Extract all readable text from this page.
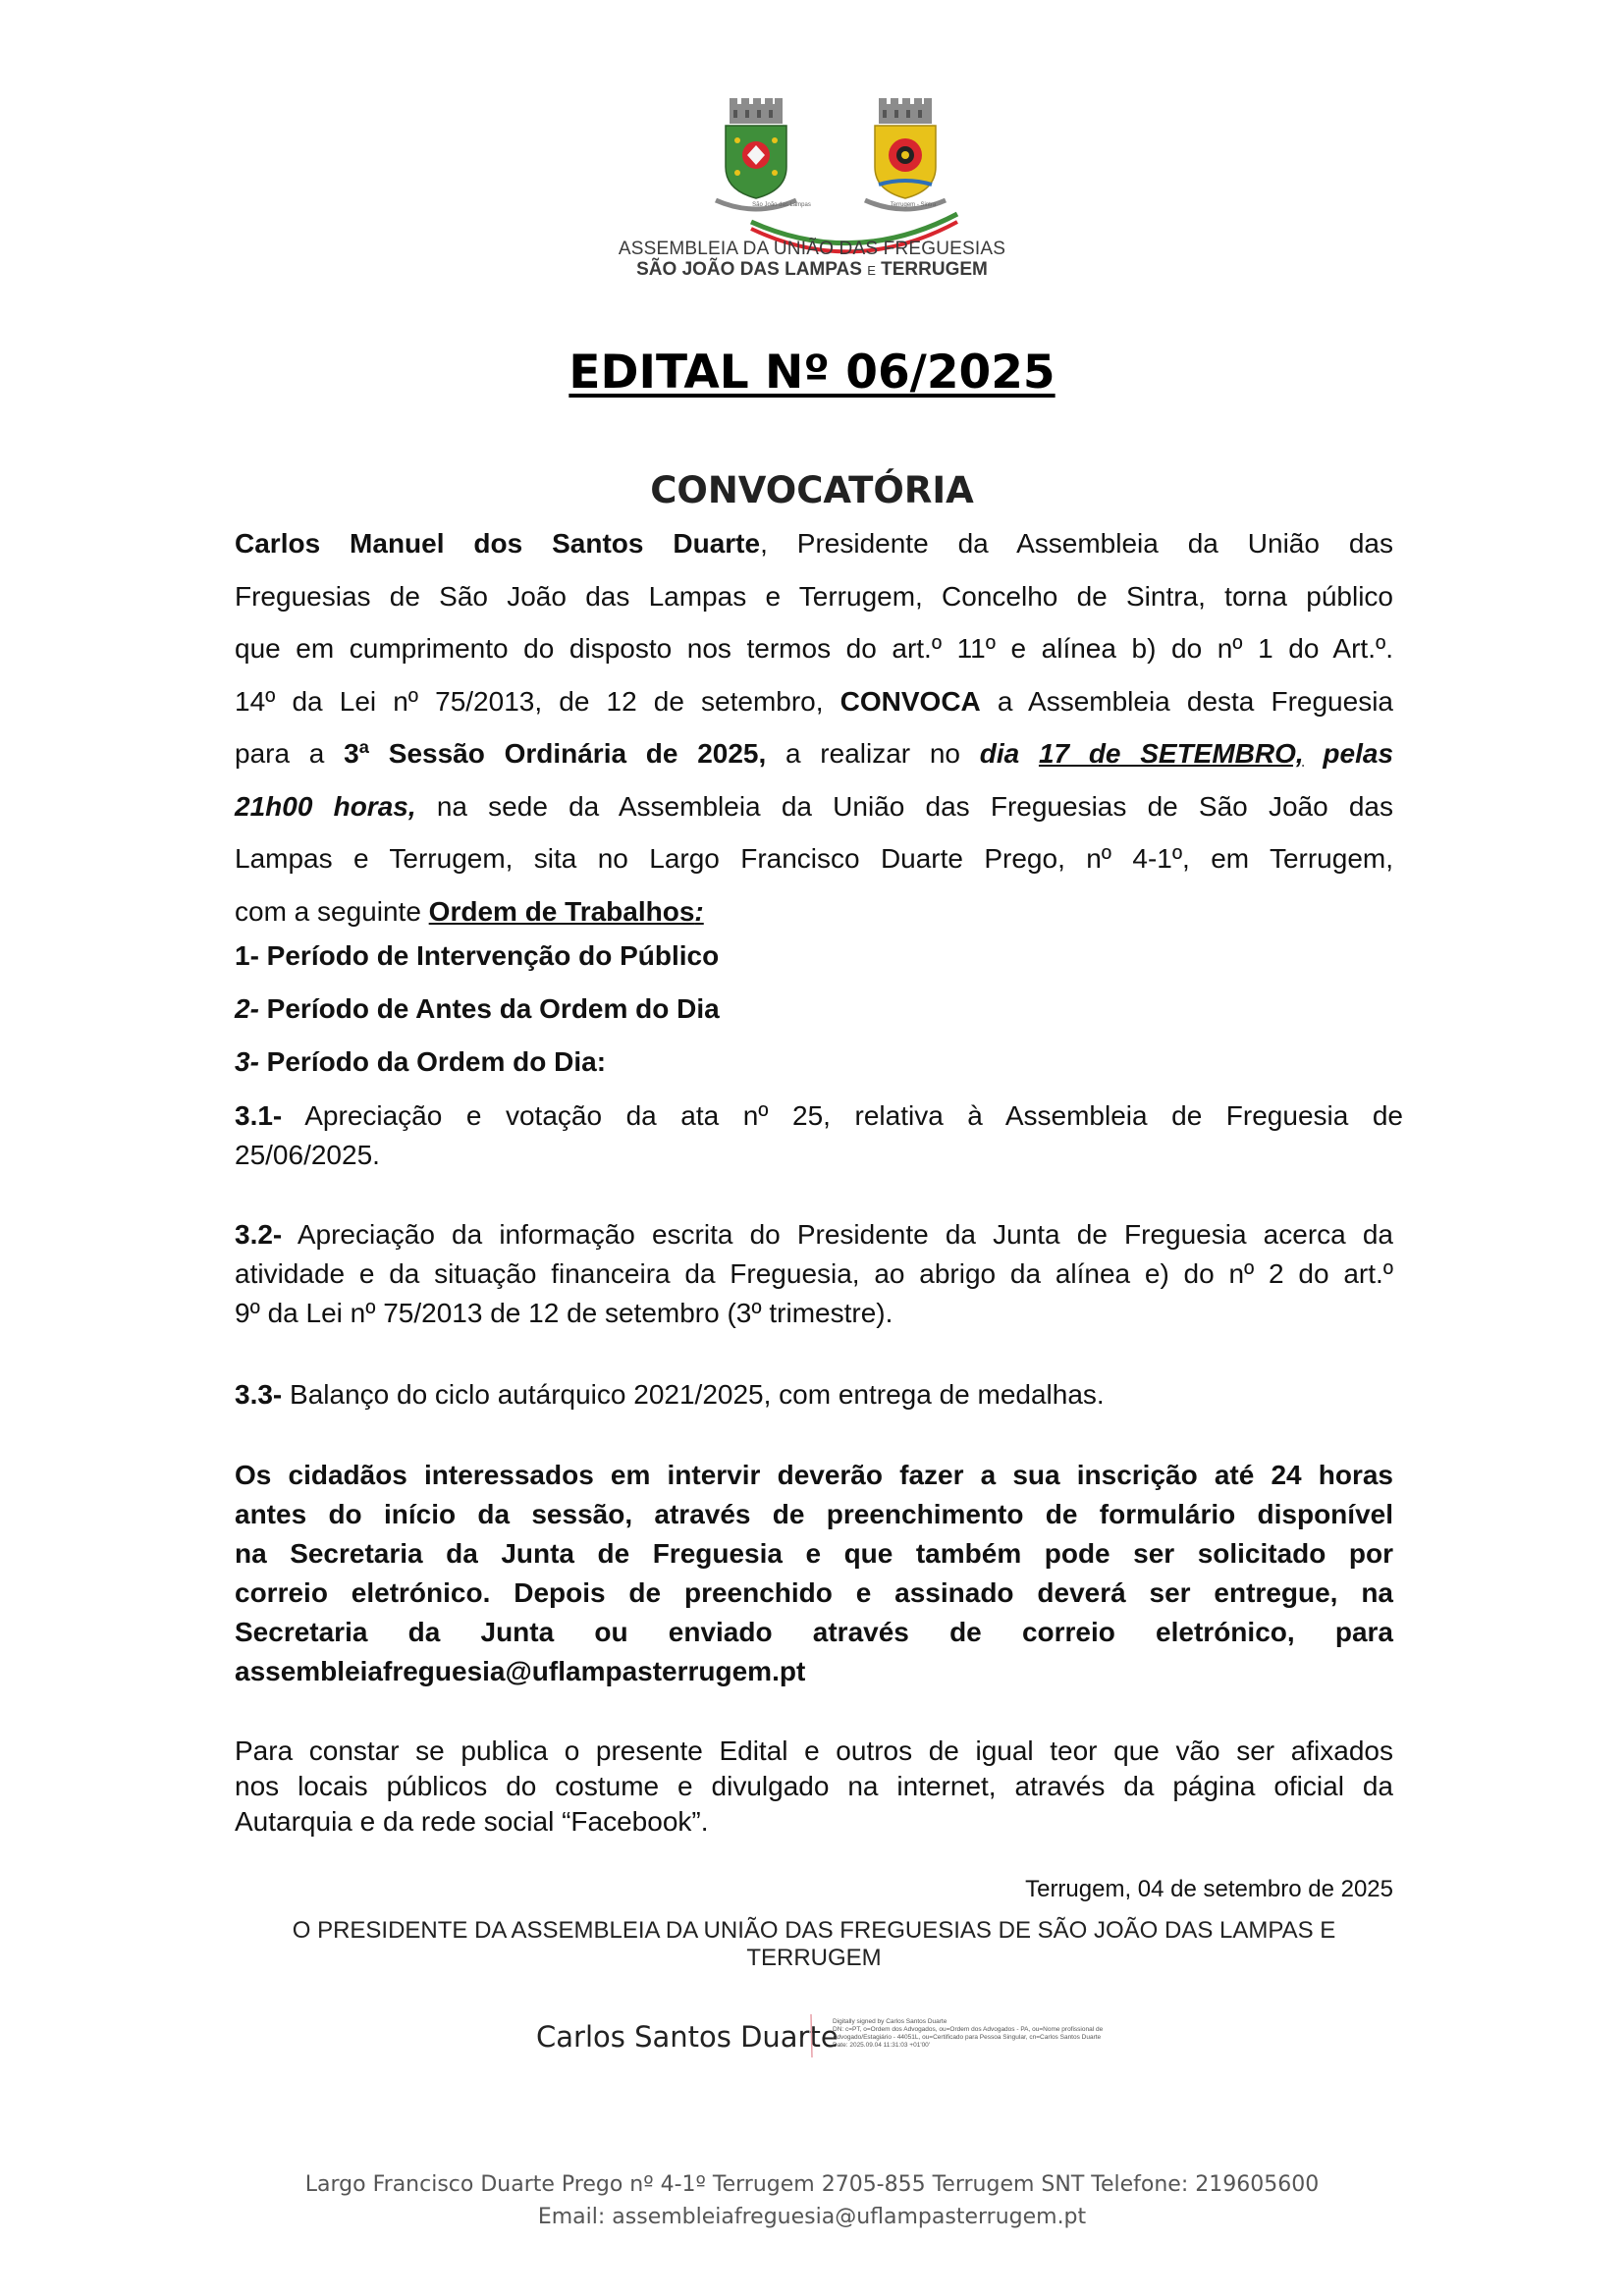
São João das Lampas	Terrugem - Sintra
ASSEMBLEIA DA UNIÃO DAS FREGUESIAS
SÃO JOÃO DAS LAMPAS E TERRUGEM
EDITAL Nº 06/2025
CONVOCATÓRIA
Carlos Manuel dos Santos Duarte, Presidente da Assembleia da União das
Freguesias de São João das Lampas e Terrugem, Concelho de Sintra, torna público
que em cumprimento do disposto nos termos do art.º 11º e alínea b) do nº 1 do Art.º.
14º da Lei nº 75/2013, de 12 de setembro, CONVOCA a Assembleia desta Freguesia
para a 3ª Sessão Ordinária de 2025, a realizar no dia 17 de SETEMBRO, pelas
21h00 horas, na sede da Assembleia da União das Freguesias de São João das
Lampas e Terrugem, sita no Largo Francisco Duarte Prego, nº 4-1º, em Terrugem,
com a seguinte Ordem de Trabalhos:
1- Período de Intervenção do Público
2- Período de Antes da Ordem do Dia
3- Período da Ordem do Dia:
3.1- Apreciação e votação da ata nº 25, relativa à Assembleia de Freguesia de
25/06/2025.
3.2- Apreciação da informação escrita do Presidente da Junta de Freguesia acerca da
atividade e da situação financeira da Freguesia, ao abrigo da alínea e) do nº 2 do art.º
9º da Lei nº 75/2013 de 12 de setembro (3º trimestre).
3.3- Balanço do ciclo autárquico 2021/2025, com entrega de medalhas.
Os cidadãos interessados em intervir deverão fazer a sua inscrição até 24 horas
antes do início da sessão, através de preenchimento de formulário disponível
na Secretaria da Junta de Freguesia e que também pode ser solicitado por
correio eletrónico. Depois de preenchido e assinado deverá ser entregue, na
Secretaria da Junta ou enviado através de correio eletrónico, para
assembleiafreguesia@uflampasterrugem.pt
Para constar se publica o presente Edital e outros de igual teor que vão ser afixados
nos locais públicos do costume e divulgado na internet, através da página oficial da
Autarquia e da rede social “Facebook”.
Terrugem, 04 de setembro de 2025
O PRESIDENTE DA ASSEMBLEIA DA UNIÃO DAS FREGUESIAS DE SÃO JOÃO DAS LAMPAS E
TERRUGEM
Carlos Santos Duarte
Digitally signed by Carlos Santos Duarte
DN: c=PT, o=Ordem dos Advogados, ou=Ordem dos Advogados - PA, ou=Nome profissional de
Advogado/Estagiário - 44051L, ou=Certificado para Pessoa Singular, cn=Carlos Santos Duarte
Date: 2025.09.04 11:31:03 +01'00'
Largo Francisco Duarte Prego nº 4-1º Terrugem 2705-855 Terrugem SNT Telefone: 219605600
Email: assembleiafreguesia@uflampasterrugem.pt
